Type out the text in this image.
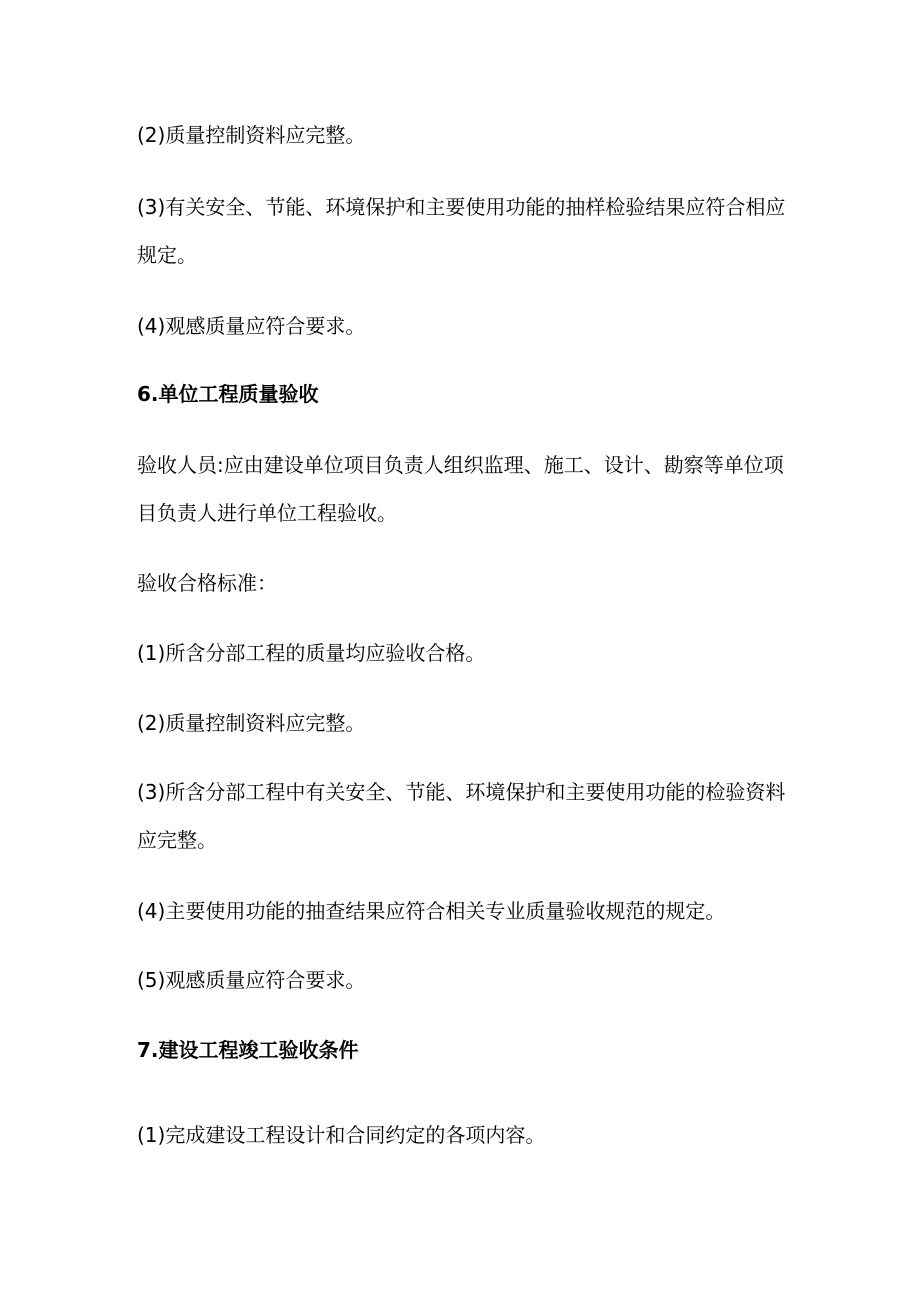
(2)质量控制资料应完整。
(3)有关安全、节能、环境保护和主要使用功能的抽样检验结果应符合相应
规定。
(4)观感质量应符合要求。
6.单位工程质量验收
验收人员:应由建设单位项目负责人组织监理、施工、设计、勘察等单位项
目负责人进行单位工程验收。
验收合格标准：
(1)所含分部工程的质量均应验收合格。
(2)质量控制资料应完整。
(3)所含分部工程中有关安全、节能、环境保护和主要使用功能的检验资料
应完整。
(4)主要使用功能的抽查结果应符合相关专业质量验收规范的规定。
(5)观感质量应符合要求。
7.建设工程竣工验收条件
(1)完成建设工程设计和合同约定的各项内容。
